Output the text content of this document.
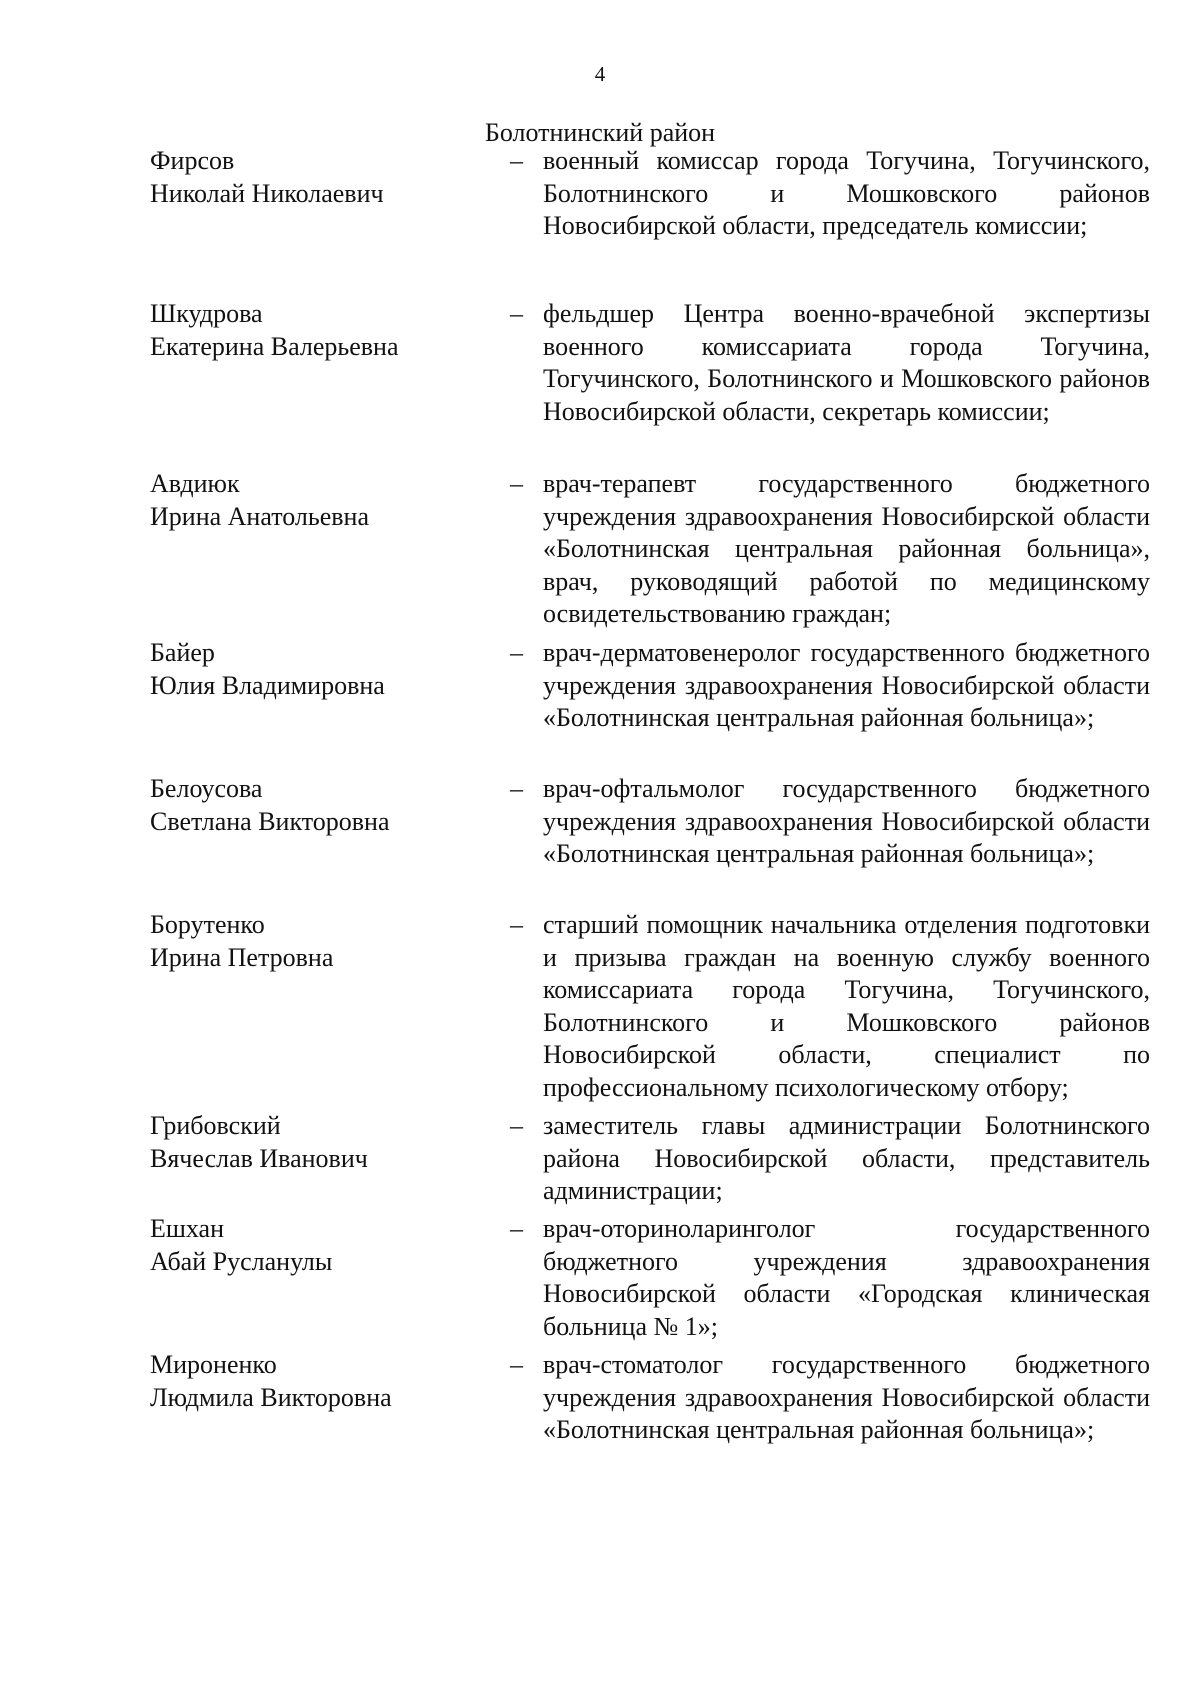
4
Болотнинский район
Фирсов
Николай Николаевич
– военный комиссар города Тогучина, Тогучинского, Болотнинского и Мошковского районов Новосибирской области, председатель комиссии;
Шкудрова
Екатерина Валерьевна
– фельдшер Центра военно-врачебной экспертизы военного комиссариата города Тогучина, Тогучинского, Болотнинского и Мошковского районов Новосибирской области, секретарь комиссии;
Авдиюк
Ирина Анатольевна
– врач-терапевт государственного бюджетного учреждения здравоохранения Новосибирской области «Болотнинская центральная районная больница», врач, руководящий работой по медицинскому освидетельствованию граждан;
Байер
Юлия Владимировна
– врач-дерматовенеролог государственного бюджетного учреждения здравоохранения Новосибирской области «Болотнинская центральная районная больница»;
Белоусова
Светлана Викторовна
– врач-офтальмолог государственного бюджетного учреждения здравоохранения Новосибирской области «Болотнинская центральная районная больница»;
Борутенко
Ирина Петровна
– старший помощник начальника отделения подготовки и призыва граждан на военную службу военного комиссариата города Тогучина, Тогучинского, Болотнинского и Мошковского районов Новосибирской области, специалист по профессиональному психологическому отбору;
Грибовский
Вячеслав Иванович
– заместитель главы администрации Болотнинского района Новосибирской области, представитель администрации;
Ешхан
Абай Русланулы
– врач-оториноларинголог государственного бюджетного учреждения здравоохранения Новосибирской области «Городская клиническая больница № 1»;
Мироненко
Людмила Викторовна
– врач-стоматолог государственного бюджетного учреждения здравоохранения Новосибирской области «Болотнинская центральная районная больница»;
